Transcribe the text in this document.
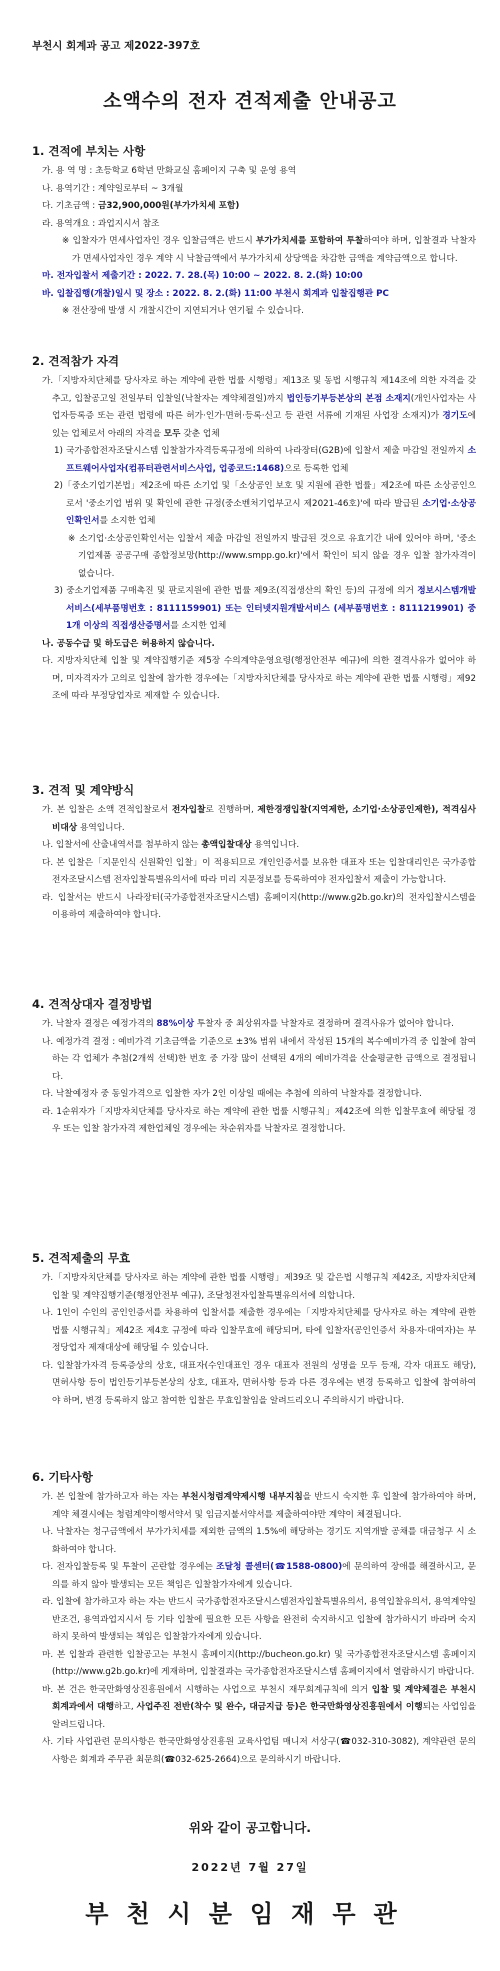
부천시 회계과 공고 제2022-397호
소액수의 전자 견적제출 안내공고
1. 견적에 부치는 사항

가. 용 역 명 : 초등학교 6학년 만화교실 홈페이지 구축 및 운영 용역

나. 용역기간 : 계약일로부터 ~ 3개월

다. 기초금액 : 금32,900,000원(부가가치세 포함)

라. 용역개요 : 과업지시서 참조

※ 입찰자가 면세사업자인 경우 입찰금액은 반드시 부가가치세를 포함하여 투찰하여야 하며, 입찰결과 낙찰자가 면세사업자인 경우 계약 시 낙찰금액에서 부가가치세 상당액을 차감한 금액을 계약금액으로 합니다.

마. 전자입찰서 제출기간 : 2022. 7. 28.(목) 10:00 ~ 2022. 8. 2.(화) 10:00

바. 입찰집행(개찰)일시 및 장소 : 2022. 8. 2.(화) 11:00 부천시 회계과 입찰집행관 PC

※ 전산장애 발생 시 개찰시간이 지연되거나 연기될 수 있습니다.

2. 견적참가 자격

가.「지방자치단체를 당사자로 하는 계약에 관한 법률 시행령」제13조 및 동법 시행규칙 제14조에 의한 자격을 갖추고, 입찰공고일 전일부터 입찰일(낙찰자는 계약체결일)까지 법인등기부등본상의 본점 소재지(개인사업자는 사업자등록증 또는 관련 법령에 따른 허가·인가·면허·등록·신고 등 관련 서류에 기재된 사업장 소재지)가 경기도에 있는 업체로서 아래의 자격을 모두 갖춘 업체

1) 국가종합전자조달시스템 입찰참가자격등록규정에 의하여 나라장터(G2B)에 입찰서 제출 마감일 전일까지 소프트웨어사업자(컴퓨터관련서비스사업, 업종코드:1468)으로 등록한 업체

2)「중소기업기본법」제2조에 따른 소기업 및「소상공인 보호 및 지원에 관한 법률」제2조에 따른 소상공인으로서 '중소기업 범위 및 확인에 관한 규정(중소벤처기업부고시 제2021-46호)'에 따라 발급된 소기업·소상공인확인서를 소지한 업체

※ 소기업·소상공인확인서는 입찰서 제출 마감일 전일까지 발급된 것으로 유효기간 내에 있어야 하며, '중소기업제품 공공구매 종합정보망(http://www.smpp.go.kr)'에서 확인이 되지 않을 경우 입찰 참가자격이 없습니다.

3) 중소기업제품 구매촉진 및 판로지원에 관한 법률 제9조(직접생산의 확인 등)의 규정에 의거 정보시스템개발서비스(세부품명번호 : 8111159901) 또는 인터넷지원개발서비스 (세부품명번호 : 8111219901) 중 1개 이상의 직접생산증명서를 소지한 업체

나. 공동수급 및 하도급은 허용하지 않습니다.

다. 지방자치단체 입찰 및 계약집행기준 제5장 수의계약운영요령(행정안전부 예규)에 의한 결격사유가 없어야 하며, 미자격자가 고의로 입찰에 참가한 경우에는「지방자치단체를 당사자로 하는 계약에 관한 법률 시행령」제92조에 따라 부정당업자로 제재할 수 있습니다.

3. 견적 및 계약방식

가. 본 입찰은 소액 견적입찰로서 전자입찰로 진행하며, 제한경쟁입찰(지역제한, 소기업·소상공인제한), 적격심사 비대상 용역입니다.

나. 입찰서에 산출내역서를 첨부하지 않는 총액입찰대상 용역입니다.

다. 본 입찰은「지문인식 신원확인 입찰」이 적용되므로 개인인증서를 보유한 대표자 또는 입찰대리인은 국가종합전자조달시스템 전자입찰특별유의서에 따라 미리 지문정보를 등록하여야 전자입찰서 제출이 가능합니다.

라. 입찰서는 반드시 나라장터(국가종합전자조달시스템) 홈페이지(http://www.g2b.go.kr)의 전자입찰시스템을 이용하여 제출하여야 합니다.

4. 견적상대자 결정방법

가. 낙찰자 결정은 예정가격의 88%이상 투찰자 중 최상위자를 낙찰자로 결정하며 결격사유가 없어야 합니다.

나. 예정가격 결정 : 예비가격 기초금액을 기준으로 ±3% 범위 내에서 작성된 15개의 복수예비가격 중 입찰에 참여하는 각 업체가 추첨(2개씩 선택)한 번호 중 가장 많이 선택된 4개의 예비가격을 산술평균한 금액으로 결정됩니다.

다. 낙찰예정자 중 동일가격으로 입찰한 자가 2인 이상일 때에는 추첨에 의하여 낙찰자를 결정합니다.

라. 1순위자가「지방자치단체를 당사자로 하는 계약에 관한 법률 시행규칙」제42조에 의한 입찰무효에 해당될 경우 또는 입찰 참가자격 제한업체일 경우에는 차순위자를 낙찰자로 결정합니다.

5. 견적제출의 무효

가.「지방자치단체를 당사자로 하는 계약에 관한 법률 시행령」제39조 및 같은법 시행규칙 제42조, 지방자치단체 입찰 및 계약집행기준(행정안전부 예규), 조달청전자입찰특별유의서에 의합니다.

나. 1인이 수인의 공인인증서를 차용하여 입찰서를 제출한 경우에는「지방자치단체를 당사자로 하는 계약에 관한 법률 시행규칙」제42조 제4호 규정에 따라 입찰무효에 해당되며, 타에 입찰자(공인인증서 차용자·대여자)는 부정당업자 제재대상에 해당될 수 있습니다.

다. 입찰참가자격 등록증상의 상호, 대표자(수인대표인 경우 대표자 전원의 성명을 모두 등재, 각자 대표도 해당), 면허사항 등이 법인등기부등본상의 상호, 대표자, 면허사항 등과 다른 경우에는 변경 등록하고 입찰에 참여하여야 하며, 변경 등록하지 않고 참여한 입찰은 무효입찰임을 알려드리오니 주의하시기 바랍니다.

6. 기타사항

가. 본 입찰에 참가하고자 하는 자는 부천시청렴계약제시행 내부지침을 반드시 숙지한 후 입찰에 참가하여야 하며, 계약 체결시에는 청렴계약이행서약서 및 임금지불서약서를 제출하여야만 계약이 체결됩니다.

나. 낙찰자는 청구금액에서 부가가치세를 제외한 금액의 1.5%에 해당하는 경기도 지역개발 공채를 대금청구 시 소화하여야 합니다.

다. 전자입찰등록 및 투찰이 곤란할 경우에는 조달청 콜센터(☎1588-0800)에 문의하여 장애를 해결하시고, 문의를 하지 않아 발생되는 모든 책임은 입찰참가자에게 있습니다.

라. 입찰에 참가하고자 하는 자는 반드시 국가종합전자조달시스템전자입찰특별유의서, 용역입찰유의서, 용역계약일반조건, 용역과업지시서 등 기타 입찰에 필요한 모든 사항을 완전히 숙지하시고 입찰에 참가하시기 바라며 숙지하지 못하여 발생되는 책임은 입찰참가자에게 있습니다.

마. 본 입찰과 관련한 입찰공고는 부천시 홈페이지(http://bucheon.go.kr) 및 국가종합전자조달시스템 홈페이지(http://www.g2b.go.kr)에 게재하며, 입찰결과는 국가종합전자조달시스템 홈페이지에서 열람하시기 바랍니다.

바. 본 건은 한국만화영상진흥원에서 시행하는 사업으로 부천시 재무회계규칙에 의거 입찰 및 계약체결은 부천시 회계과에서 대행하고, 사업주진 전반(착수 및 완수, 대금지급 등)은 한국만화영상진흥원에서 이행되는 사업임을 알려드립니다.

사. 기타 사업관련 문의사항은 한국만화영상진흥원 교육사업팀 매니저 서상구(☎032-310-3082), 계약관련 문의사항은 회계과 주무관 최문희(☎032-625-2664)으로 문의하시기 바랍니다.

위와 같이 공고합니다.
2022년 7월 27일
부천시분임재무관
